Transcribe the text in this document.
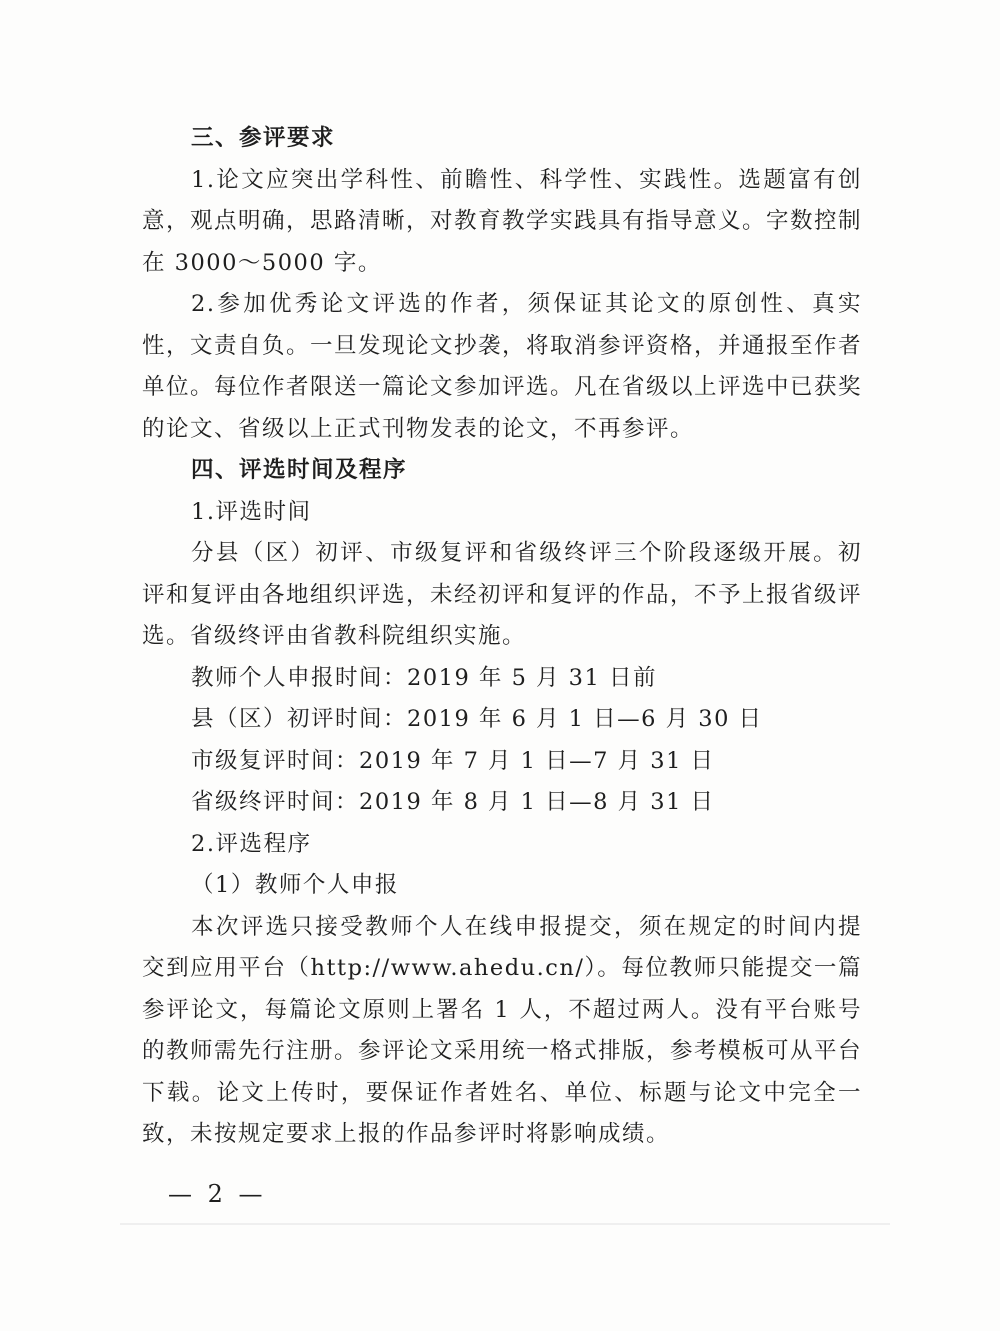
三、参评要求

1.论文应突出学科性、前瞻性、科学性、实践性。选题富有创意，观点明确，思路清晰，对教育教学实践具有指导意义。字数控制在 3000～5000 字。

2.参加优秀论文评选的作者，须保证其论文的原创性、真实性，文责自负。一旦发现论文抄袭，将取消参评资格，并通报至作者单位。每位作者限送一篇论文参加评选。凡在省级以上评选中已获奖的论文、省级以上正式刊物发表的论文，不再参评。

四、评选时间及程序

1.评选时间

分县（区）初评、市级复评和省级终评三个阶段逐级开展。初评和复评由各地组织评选，未经初评和复评的作品，不予上报省级评选。省级终评由省教科院组织实施。

教师个人申报时间：2019 年 5 月 31 日前

县（区）初评时间：2019 年 6 月 1 日—6 月 30 日

市级复评时间：2019 年 7 月 1 日—7 月 31 日

省级终评时间：2019 年 8 月 1 日—8 月 31 日

2.评选程序

（1）教师个人申报

本次评选只接受教师个人在线申报提交，须在规定的时间内提交到应用平台（http://www.ahedu.cn/）。每位教师只能提交一篇参评论文，每篇论文原则上署名 1 人，不超过两人。没有平台账号的教师需先行注册。参评论文采用统一格式排版，参考模板可从平台下载。论文上传时，要保证作者姓名、单位、标题与论文中完全一致，未按规定要求上报的作品参评时将影响成绩。

— 2 —
